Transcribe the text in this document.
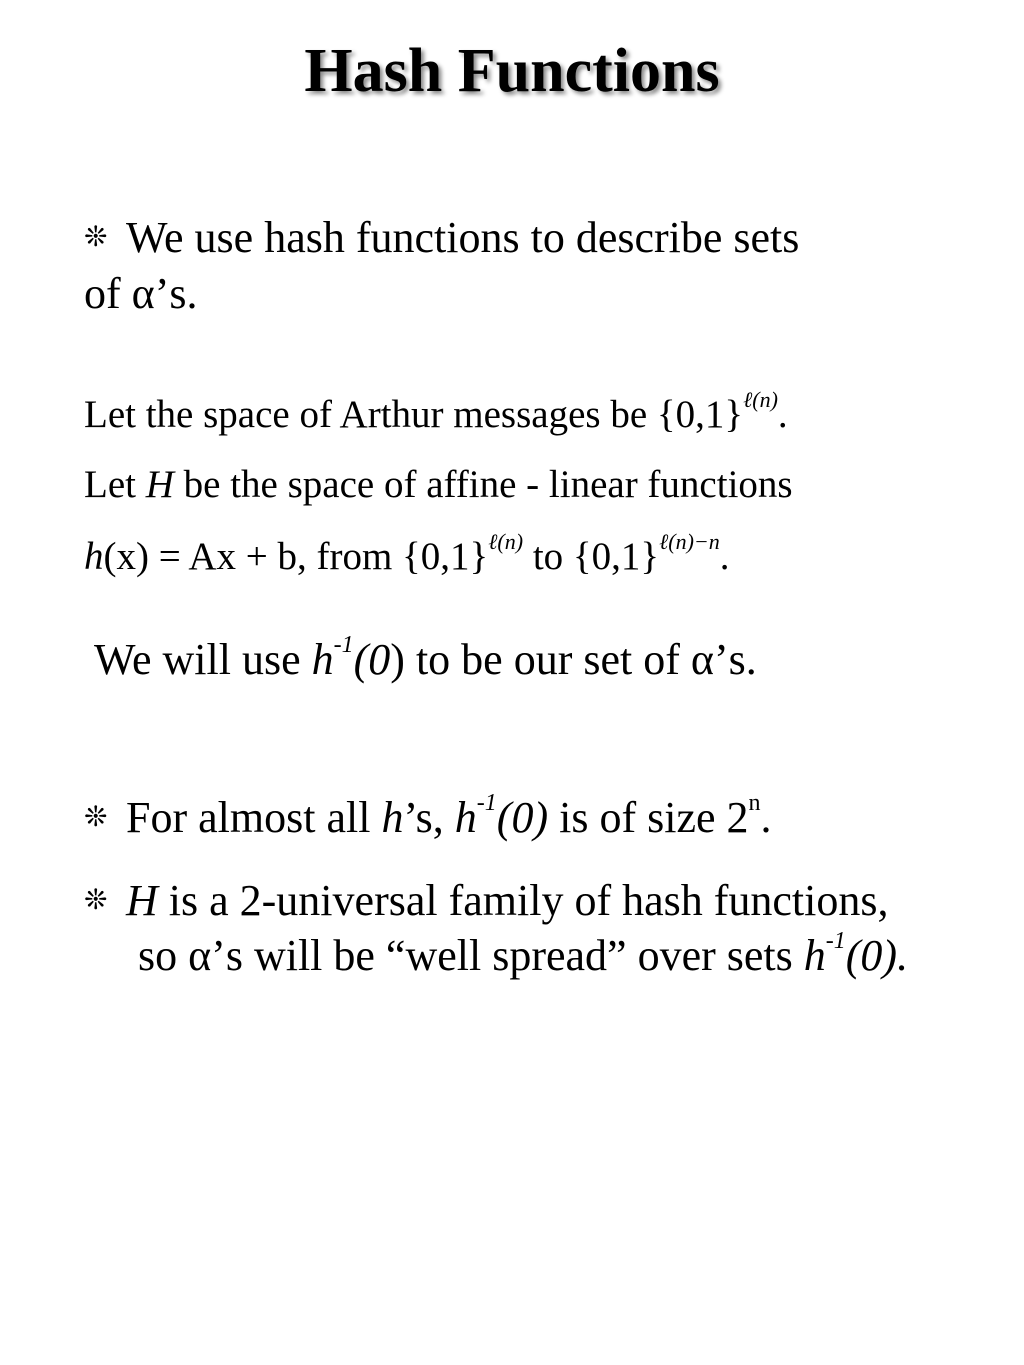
Hash Functions
❊ We use hash functions to describe sets
of α’s.
Let the space of Arthur messages be $\{0,1\}^{\ell(n)}$.
Let H be the space of affine - linear functions
h(x) = Ax + b, from $\{0,1\}^{\ell(n)}$ to $\{0,1\}^{\ell(n)-n}$.
We will use $h^{-1}(0)$ to be our set of α’s.
❊ For almost all h’s, $h^{-1}(0)$ is of size 2$^n$.
❊ H is a 2-universal family of hash functions,
so α’s will be “well spread” over sets $h^{-1}(0)$.
